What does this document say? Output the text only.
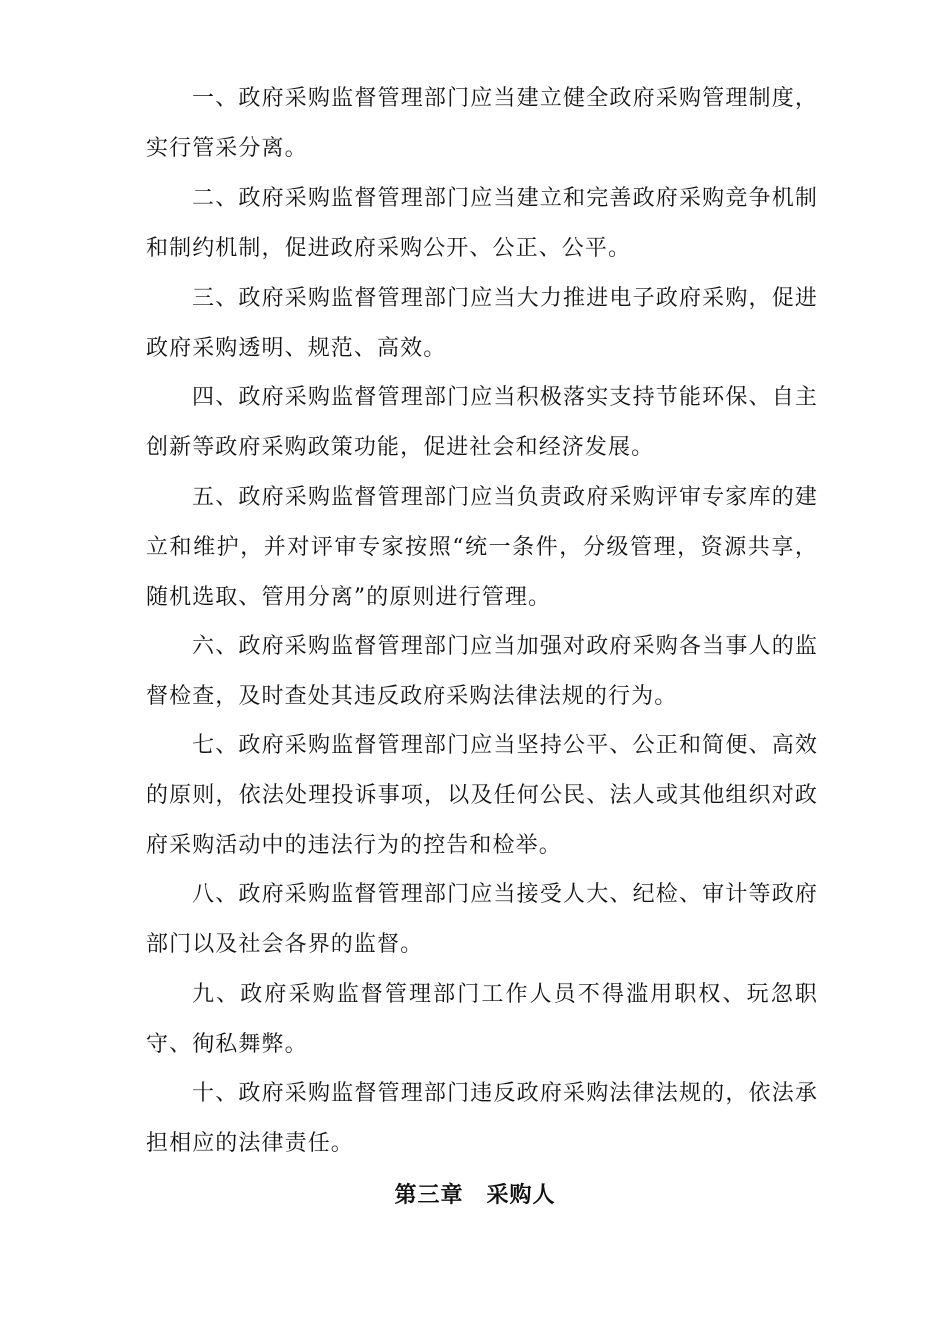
一、政府采购监督管理部门应当建立健全政府采购管理制度，实行管采分离。

二、政府采购监督管理部门应当建立和完善政府采购竞争机制和制约机制，促进政府采购公开、公正、公平。

三、政府采购监督管理部门应当大力推进电子政府采购，促进政府采购透明、规范、高效。

四、政府采购监督管理部门应当积极落实支持节能环保、自主创新等政府采购政策功能，促进社会和经济发展。

五、政府采购监督管理部门应当负责政府采购评审专家库的建立和维护，并对评审专家按照“统一条件，分级管理，资源共享，随机选取、管用分离”的原则进行管理。

六、政府采购监督管理部门应当加强对政府采购各当事人的监督检查，及时查处其违反政府采购法律法规的行为。

七、政府采购监督管理部门应当坚持公平、公正和简便、高效的原则，依法处理投诉事项，以及任何公民、法人或其他组织对政府采购活动中的违法行为的控告和检举。

八、政府采购监督管理部门应当接受人大、纪检、审计等政府部门以及社会各界的监督。

九、政府采购监督管理部门工作人员不得滥用职权、玩忽职守、徇私舞弊。

十、政府采购监督管理部门违反政府采购法律法规的，依法承担相应的法律责任。

第三章　采购人
